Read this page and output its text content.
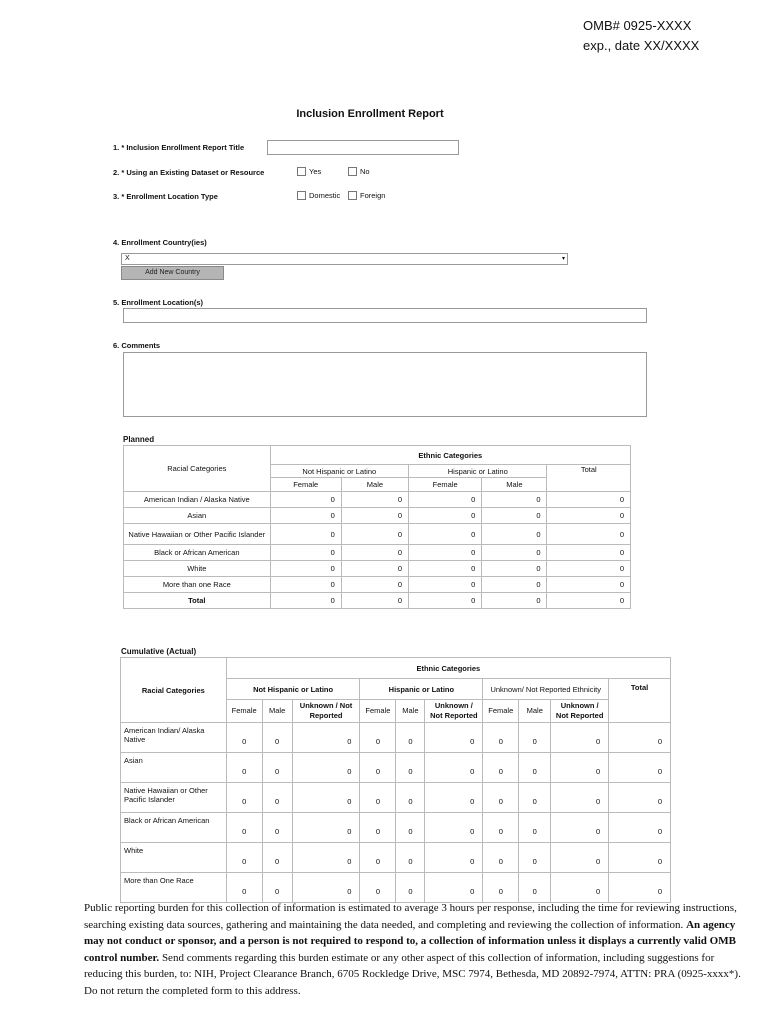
OMB# 0925-XXXX
exp., date XX/XXXX
Inclusion Enrollment Report
1. * Inclusion Enrollment Report Title
2. * Using an Existing Dataset or Resource	Yes	No
3. * Enrollment Location Type	Domestic	Foreign
4. Enrollment Country(ies)
X	▾
Add New Country
5. Enrollment Location(s)
6. Comments
Planned
Racial Categories	Ethnic Categories				
	Not Hispanic or Latino		Hispanic or Latino		Total
	Female	Male	Female	Male	
American Indian / Alaska Native	0	0	0	0	0
Asian	0	0	0	0	0
Native Hawaiian or Other Pacific Islander	0	0	0	0	0
Black or African American	0	0	0	0	0
White	0	0	0	0	0
More than one Race	0	0	0	0	0
Total	0	0	0	0	0
Cumulative (Actual)
Racial Categories	Ethnic Categories									
	Not Hispanic or Latino			Hispanic or Latino			Unknown/ Not Reported Ethnicity			Total
	Female	Male	Unknown / Not Reported	Female	Male	Unknown / Not Reported	Female	Male	Unknown / Not Reported	
American Indian/ Alaska Native	0	0	0	0	0	0	0	0	0	0
Asian	0	0	0	0	0	0	0	0	0	0
Native Hawaiian or Other Pacific Islander	0	0	0	0	0	0	0	0	0	0
Black or African American	0	0	0	0	0	0	0	0	0	0
White	0	0	0	0	0	0	0	0	0	0
More than One Race	0	0	0	0	0	0	0	0	0	0
Public reporting burden for this collection of information is estimated to average 3 hours per response, including the time for reviewing instructions, searching existing data sources, gathering and maintaining the data needed, and completing and reviewing the collection of information. An agency may not conduct or sponsor, and a person is not required to respond to, a collection of information unless it displays a currently valid OMB control number. Send comments regarding this burden estimate or any other aspect of this collection of information, including suggestions for reducing this burden, to: NIH, Project Clearance Branch, 6705 Rockledge Drive, MSC 7974, Bethesda, MD 20892-7974, ATTN: PRA (0925-xxxx*). Do not return the completed form to this address.
